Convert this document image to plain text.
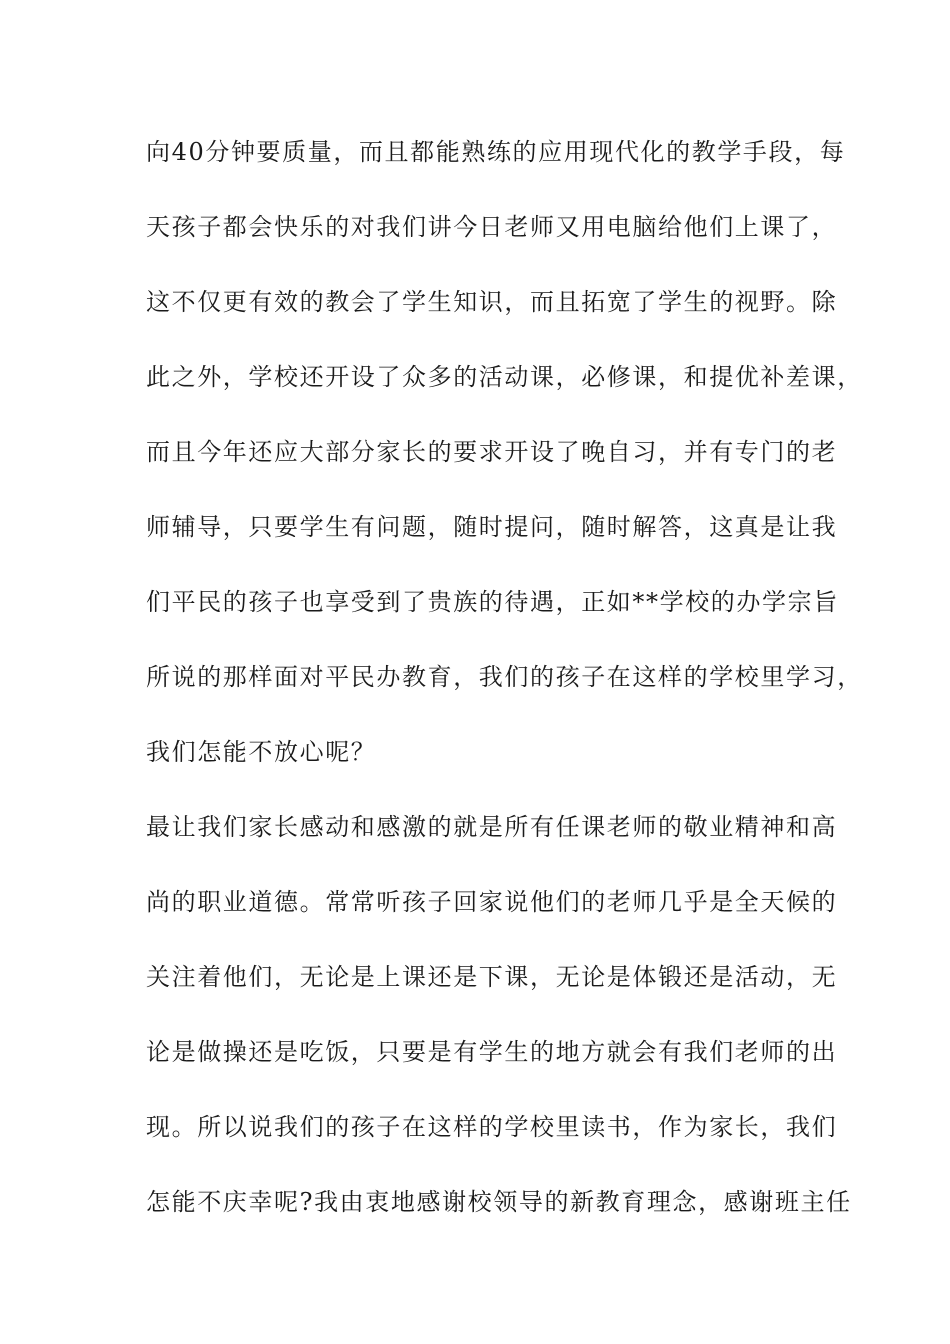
向40分钟要质量，而且都能熟练的应用现代化的教学手段，每
天孩子都会快乐的对我们讲今日老师又用电脑给他们上课了，
这不仅更有效的教会了学生知识，而且拓宽了学生的视野。除
此之外，学校还开设了众多的活动课，必修课，和提优补差课，
而且今年还应大部分家长的要求开设了晚自习，并有专门的老
师辅导，只要学生有问题，随时提问，随时解答，这真是让我
们平民的孩子也享受到了贵族的待遇，正如**学校的办学宗旨
所说的那样面对平民办教育，我们的孩子在这样的学校里学习，
我们怎能不放心呢？
最让我们家长感动和感激的就是所有任课老师的敬业精神和高
尚的职业道德。常常听孩子回家说他们的老师几乎是全天候的
关注着他们，无论是上课还是下课，无论是体锻还是活动，无
论是做操还是吃饭，只要是有学生的地方就会有我们老师的出
现。所以说我们的孩子在这样的学校里读书，作为家长，我们
怎能不庆幸呢?我由衷地感谢校领导的新教育理念，感谢班主任
